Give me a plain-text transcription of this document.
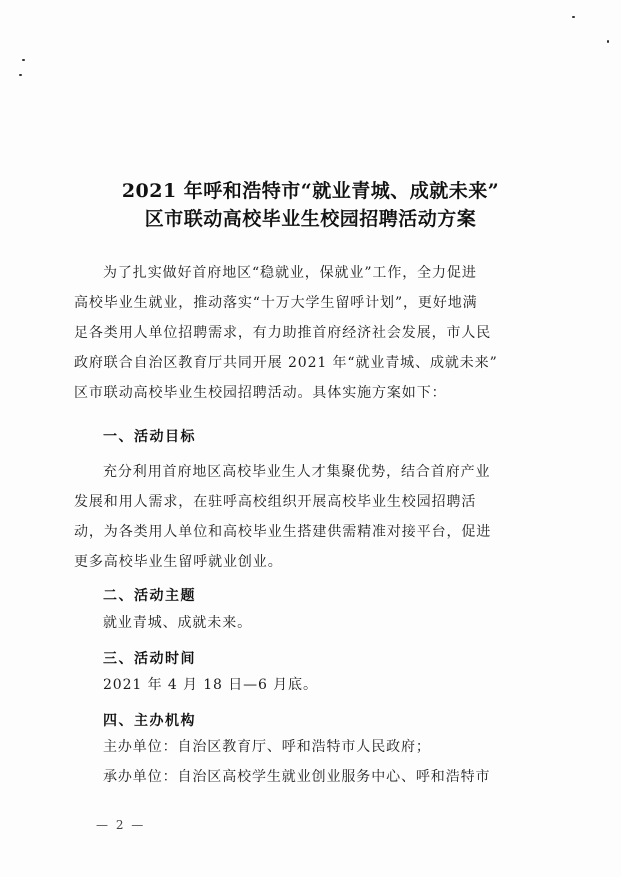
2021 年呼和浩特市“就业青城、成就未来”
区市联动高校毕业生校园招聘活动方案
为了扎实做好首府地区“稳就业，保就业”工作，全力促进
高校毕业生就业，推动落实“十万大学生留呼计划”，更好地满
足各类用人单位招聘需求，有力助推首府经济社会发展，市人民
政府联合自治区教育厅共同开展 2021 年“就业青城、成就未来”
区市联动高校毕业生校园招聘活动。具体实施方案如下：
一、活动目标
充分利用首府地区高校毕业生人才集聚优势，结合首府产业
发展和用人需求，在驻呼高校组织开展高校毕业生校园招聘活
动，为各类用人单位和高校毕业生搭建供需精准对接平台，促进
更多高校毕业生留呼就业创业。
二、活动主题
就业青城、成就未来。
三、活动时间
2021 年 4 月 18 日—6 月底。
四、主办机构
主办单位：自治区教育厅、呼和浩特市人民政府；
承办单位：自治区高校学生就业创业服务中心、呼和浩特市
— 2 —
